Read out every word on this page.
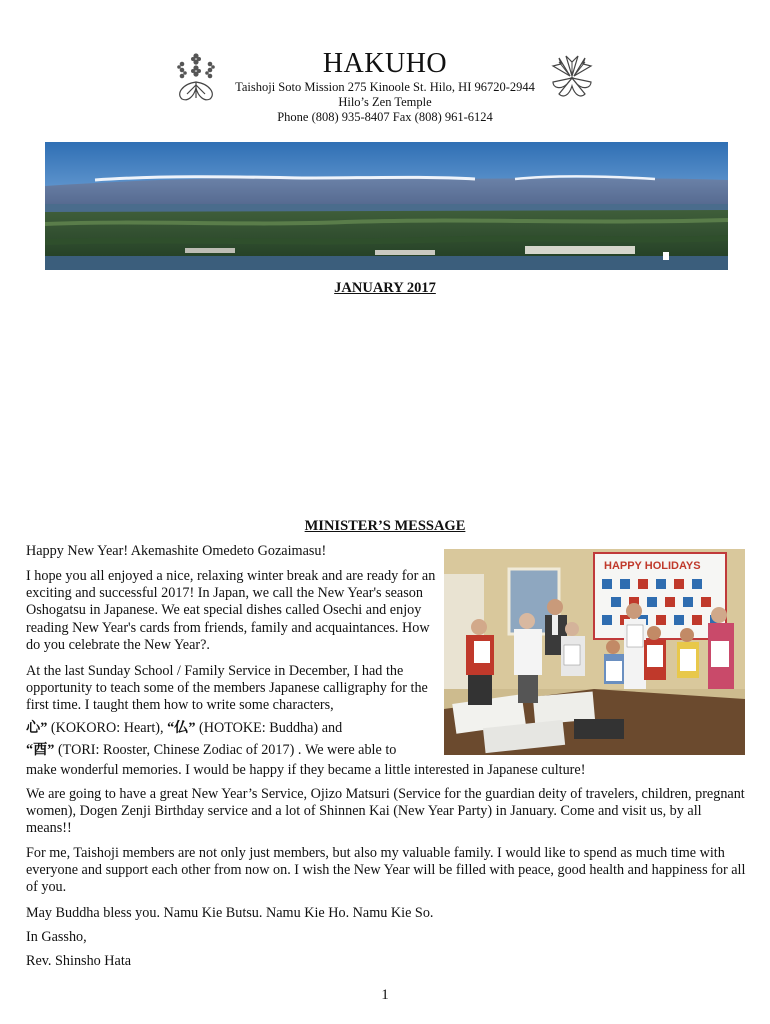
HAKUHO
Taishoji Soto Mission 275 Kinoole St. Hilo, HI 96720-2944
Hilo’s Zen Temple
Phone (808) 935-8407 Fax (808) 961-6124
JANUARY 2017
MINISTER’S MESSAGE

Happy New Year! Akemashite Omedeto Gozaimasu!

I hope you all enjoyed a nice, relaxing winter break and are ready for an exciting and successful 2017! In Japan, we call the New Year's season Oshogatsu in Japanese. We eat special dishes called Osechi and enjoy reading New Year's cards from friends, family and acquaintances. How do you celebrate the New Year?.

At the last Sunday School / Family Service in December, I had the opportunity to teach some of the members Japanese calligraphy for the first time. I taught them how to write some characters,

心” (KOKORO: Heart), “仏” (HOTOKE: Buddha) and

“酉” (TORI: Rooster, Chinese Zodiac of 2017) . We were able to

make wonderful memories. I would be happy if they became a little interested in Japanese culture!

We are going to have a great New Year’s Service, Ojizo Matsuri (Service for the guardian deity of travelers, children, pregnant women), Dogen Zenji Birthday service and a lot of Shinnen Kai (New Year Party) in January. Come and visit us, by all means!!

For me, Taishoji members are not only just members, but also my valuable family. I would like to spend as much time with everyone and support each other from now on. I wish the New Year will be filled with peace, good health and happiness for all of you.

May Buddha bless you. Namu Kie Butsu. Namu Kie Ho. Namu Kie So.

In Gassho,

Rev. Shinsho Hata

HAPPY HOLIDAYS
1
